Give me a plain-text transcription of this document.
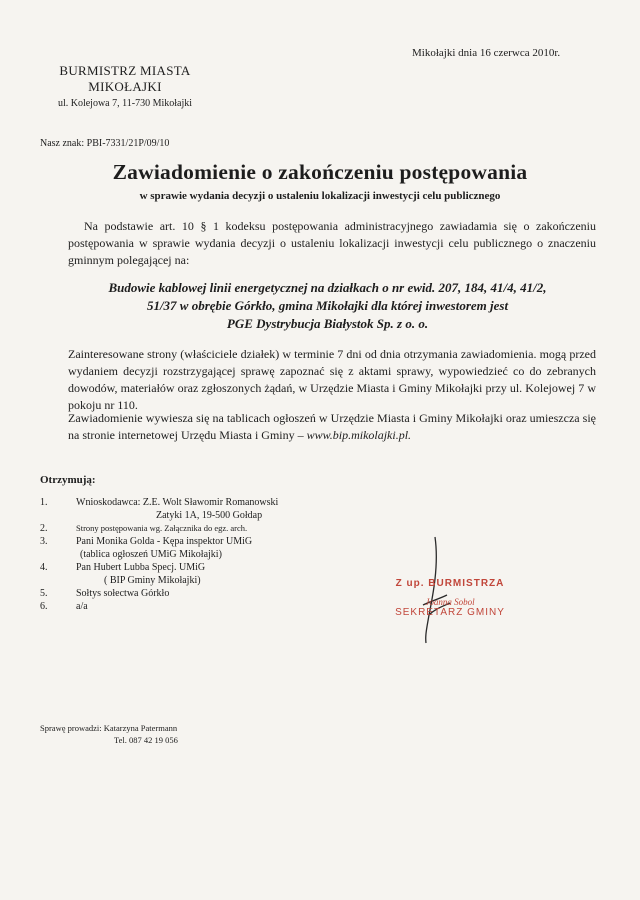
Mikołajki dnia 16 czerwca 2010r.
BURMISTRZ MIASTA
MIKOŁAJKI
ul. Kolejowa 7, 11-730 Mikołajki
Nasz znak: PBI-7331/21P/09/10
Zawiadomienie o zakończeniu postępowania
w sprawie wydania decyzji o ustaleniu lokalizacji inwestycji celu publicznego
Na podstawie art. 10 § 1 kodeksu postępowania administracyjnego zawiadamia się o zakończeniu postępowania w sprawie wydania decyzji o ustaleniu lokalizacji inwestycji celu publicznego o znaczeniu gminnym polegającej na:
Budowie kablowej linii energetycznej na działkach o nr ewid. 207, 184, 41/4, 41/2,
51/37 w obrębie Górkło, gmina Mikołajki dla której inwestorem jest
PGE Dystrybucja Białystok Sp. z o. o.
Zainteresowane strony (właściciele działek) w terminie 7 dni od dnia otrzymania zawiadomienia. mogą przed wydaniem decyzji rozstrzygającej sprawę zapoznać się z aktami sprawy, wypowiedzieć co do zebranych dowodów, materiałów oraz zgłoszonych żądań, w Urzędzie Miasta i Gminy Mikołajki przy ul. Kolejowej 7 w pokoju nr 110.
Zawiadomienie wywiesza się na tablicach ogłoszeń w Urzędzie Miasta i Gminy Mikołajki oraz umieszcza się na stronie internetowej Urzędu Miasta i Gminy – www.bip.mikolajki.pl.
Otrzymują:
1.	Wnioskodawca: Z.E. Wolt Sławomir Romanowski
Zatyki 1A, 19-500 Gołdap
2.	Strony postępowania wg. Załącznika do egz. arch.
3.	Pani Monika Golda - Kępa inspektor UMiG
(tablica ogłoszeń UMiG Mikołajki)
4.	Pan Hubert Lubba Specj. UMiG
( BIP Gminy Mikołajki)
5.	Sołtys sołectwa Górkło
6.	a/a
Z up. BURMISTRZA
Joanna Sobol
SEKRETARZ GMINY
Sprawę prowadzi: Katarzyna Patermann
Tel. 087 42 19 056
